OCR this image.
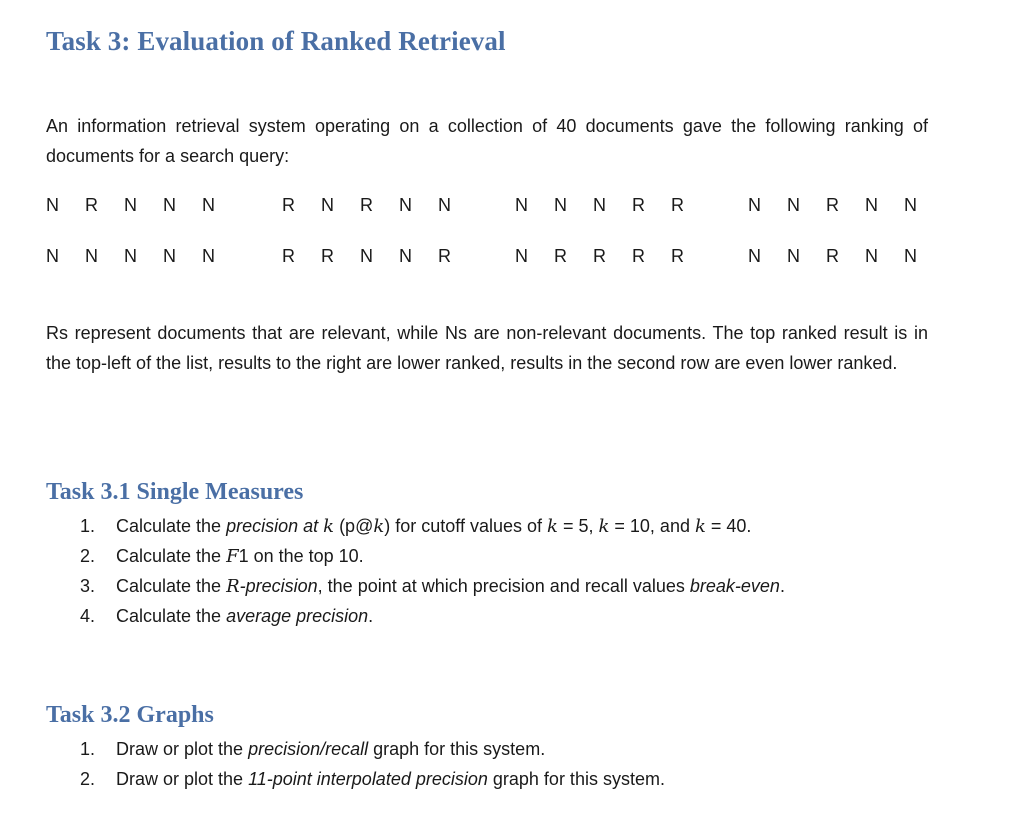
Task 3: Evaluation of Ranked Retrieval

An information retrieval system operating on a collection of 40 documents gave the following ranking of documents for a search query:

N R N N N	R N R N N	N N N R R	N N R N N
N N N N N	R R N N R	N R R R R	N N R N N

Rs represent documents that are relevant, while Ns are non-relevant documents. The top ranked result is in the top-left of the list, results to the right are lower ranked, results in the second row are even lower ranked.

Task 3.1 Single Measures
1.	Calculate the precision at k (p@k) for cutoff values of k = 5, k = 10, and k = 40.
2.	Calculate the F1 on the top 10.
3.	Calculate the R-precision, the point at which precision and recall values break-even.
4.	Calculate the average precision.
Task 3.2 Graphs
1.	Draw or plot the precision/recall graph for this system.
2.	Draw or plot the 11-point interpolated precision graph for this system.
